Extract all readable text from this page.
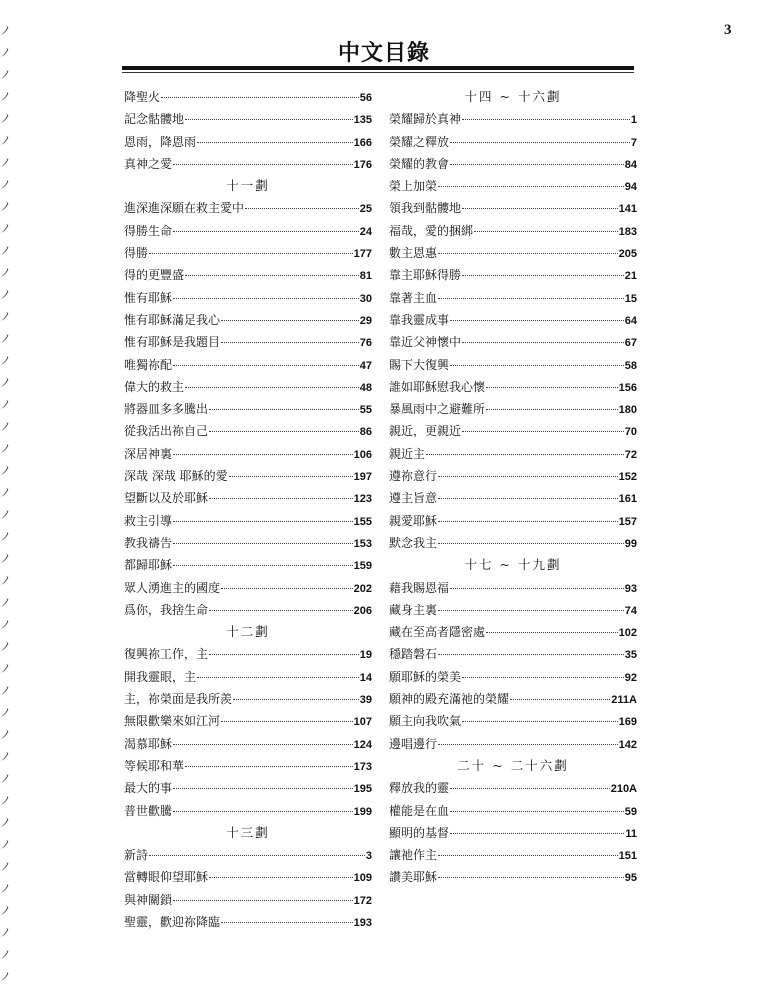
ノ
ノ
ノ
ノ
ノ
ノ
ノ
ノ
ノ
ノ
ノ
ノ
ノ
ノ
ノ
ノ
ノ
ノ
ノ
ノ
ノ
ノ
ノ
ノ
ノ
ノ
ノ
ノ
ノ
ノ
ノ
ノ
ノ
ノ
ノ
ノ
ノ
ノ
ノ
ノ
ノ
ノ
ノ
ノ
3
中文目錄
降聖火	56
記念骷髏地	135
恩雨，降恩雨	166
真神之愛	176
十一劃
進深進深願在救主愛中	25
得勝生命	24
得勝	177
得的更豐盛	81
惟有耶穌	30
惟有耶穌滿足我心	29
惟有耶穌是我題目	76
唯獨祢配	47
偉大的救主	48
將器皿多多騰出	55
從我活出祢自己	86
深居神裏	106
深哉 深哉 耶穌的愛	197
望斷以及於耶穌	123
救主引導	155
教我禱告	153
都歸耶穌	159
眾人湧進主的國度	202
爲你，我捨生命	206
十二劃
復興祢工作，主	19
開我靈眼，主	14
主，祢榮面是我所羨	39
無限歡樂來如江河	107
渴慕耶穌	124
等候耶和華	173
最大的事	195
普世歡騰	199
十三劃
新詩	3
當轉眼仰望耶穌	109
與神關鎖	172
聖靈，歡迎祢降臨	193
十四 ~ 十六劃
榮耀歸於真神	1
榮耀之釋放	7
榮耀的教會	84
榮上加榮	94
領我到骷髏地	141
福哉，愛的捆綁	183
數主恩惠	205
靠主耶穌得勝	21
靠著主血	15
靠我靈成事	64
靠近父神懷中	67
賜下大復興	58
誰如耶穌慰我心懷	156
暴風雨中之避難所	180
親近，更親近	70
親近主	72
遵祢意行	152
遵主旨意	161
親愛耶穌	157
默念我主	99
十七 ~ 十九劃
藉我賜恩福	93
藏身主裏	74
藏在至高者隱密處	102
穩踏磐石	35
願耶穌的榮美	92
願神的殿充滿祂的榮耀	211A
願主向我吹氣	169
邊唱邊行	142
二十 ~ 二十六劃
釋放我的靈	210A
權能是在血	59
顯明的基督	11
讓祂作主	151
讚美耶穌	95
